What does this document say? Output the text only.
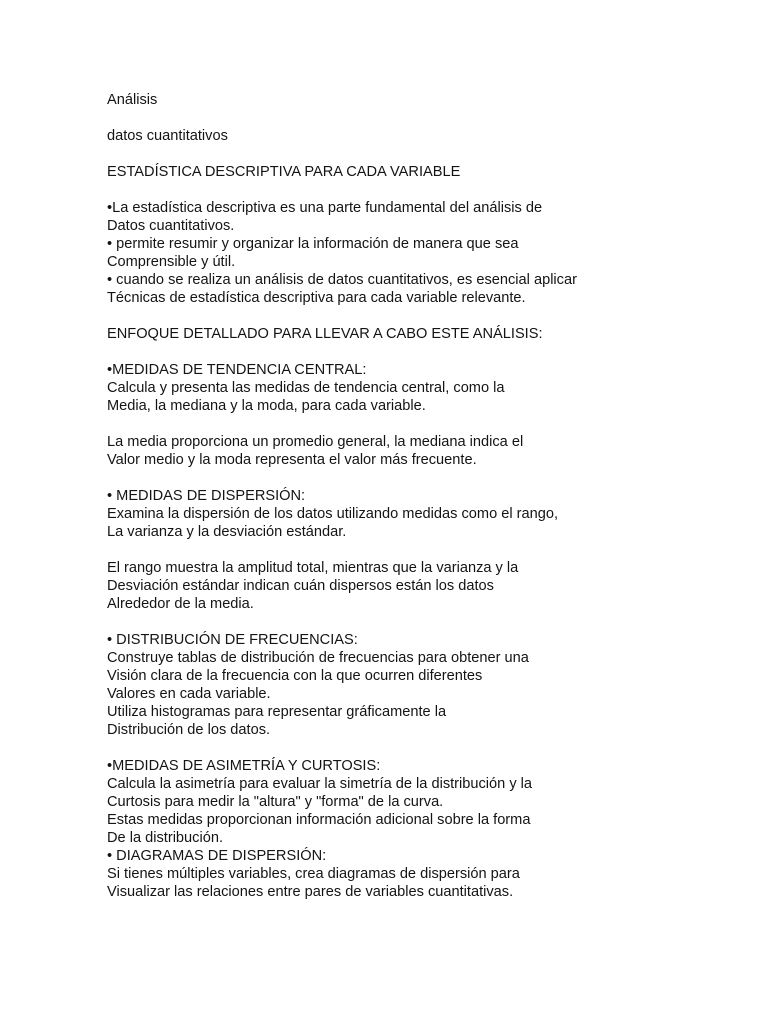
Análisis
datos cuantitativos
ESTADÍSTICA DESCRIPTIVA PARA CADA VARIABLE
•La estadística descriptiva es una parte fundamental del análisis de
Datos cuantitativos.
• permite resumir y organizar la información de manera que sea
Comprensible y útil.
• cuando se realiza un análisis de datos cuantitativos, es esencial aplicar
Técnicas de estadística descriptiva para cada variable relevante.
ENFOQUE DETALLADO PARA LLEVAR A CABO ESTE ANÁLISIS:
•MEDIDAS DE TENDENCIA CENTRAL:
Calcula y presenta las medidas de tendencia central, como la
Media, la mediana y la moda, para cada variable.
La media proporciona un promedio general, la mediana indica el
Valor medio y la moda representa el valor más frecuente.
• MEDIDAS DE DISPERSIÓN:
Examina la dispersión de los datos utilizando medidas como el rango,
La varianza y la desviación estándar.
El rango muestra la amplitud total, mientras que la varianza y la
Desviación estándar indican cuán dispersos están los datos
Alrededor de la media.
• DISTRIBUCIÓN DE FRECUENCIAS:
Construye tablas de distribución de frecuencias para obtener una
Visión clara de la frecuencia con la que ocurren diferentes
Valores en cada variable.
Utiliza histogramas para representar gráficamente la
Distribución de los datos.
•MEDIDAS DE ASIMETRÍA Y CURTOSIS:
Calcula la asimetría para evaluar la simetría de la distribución y la
Curtosis para medir la "altura" y "forma" de la curva.
Estas medidas proporcionan información adicional sobre la forma
De la distribución.
• DIAGRAMAS DE DISPERSIÓN:
Si tienes múltiples variables, crea diagramas de dispersión para
Visualizar las relaciones entre pares de variables cuantitativas.
